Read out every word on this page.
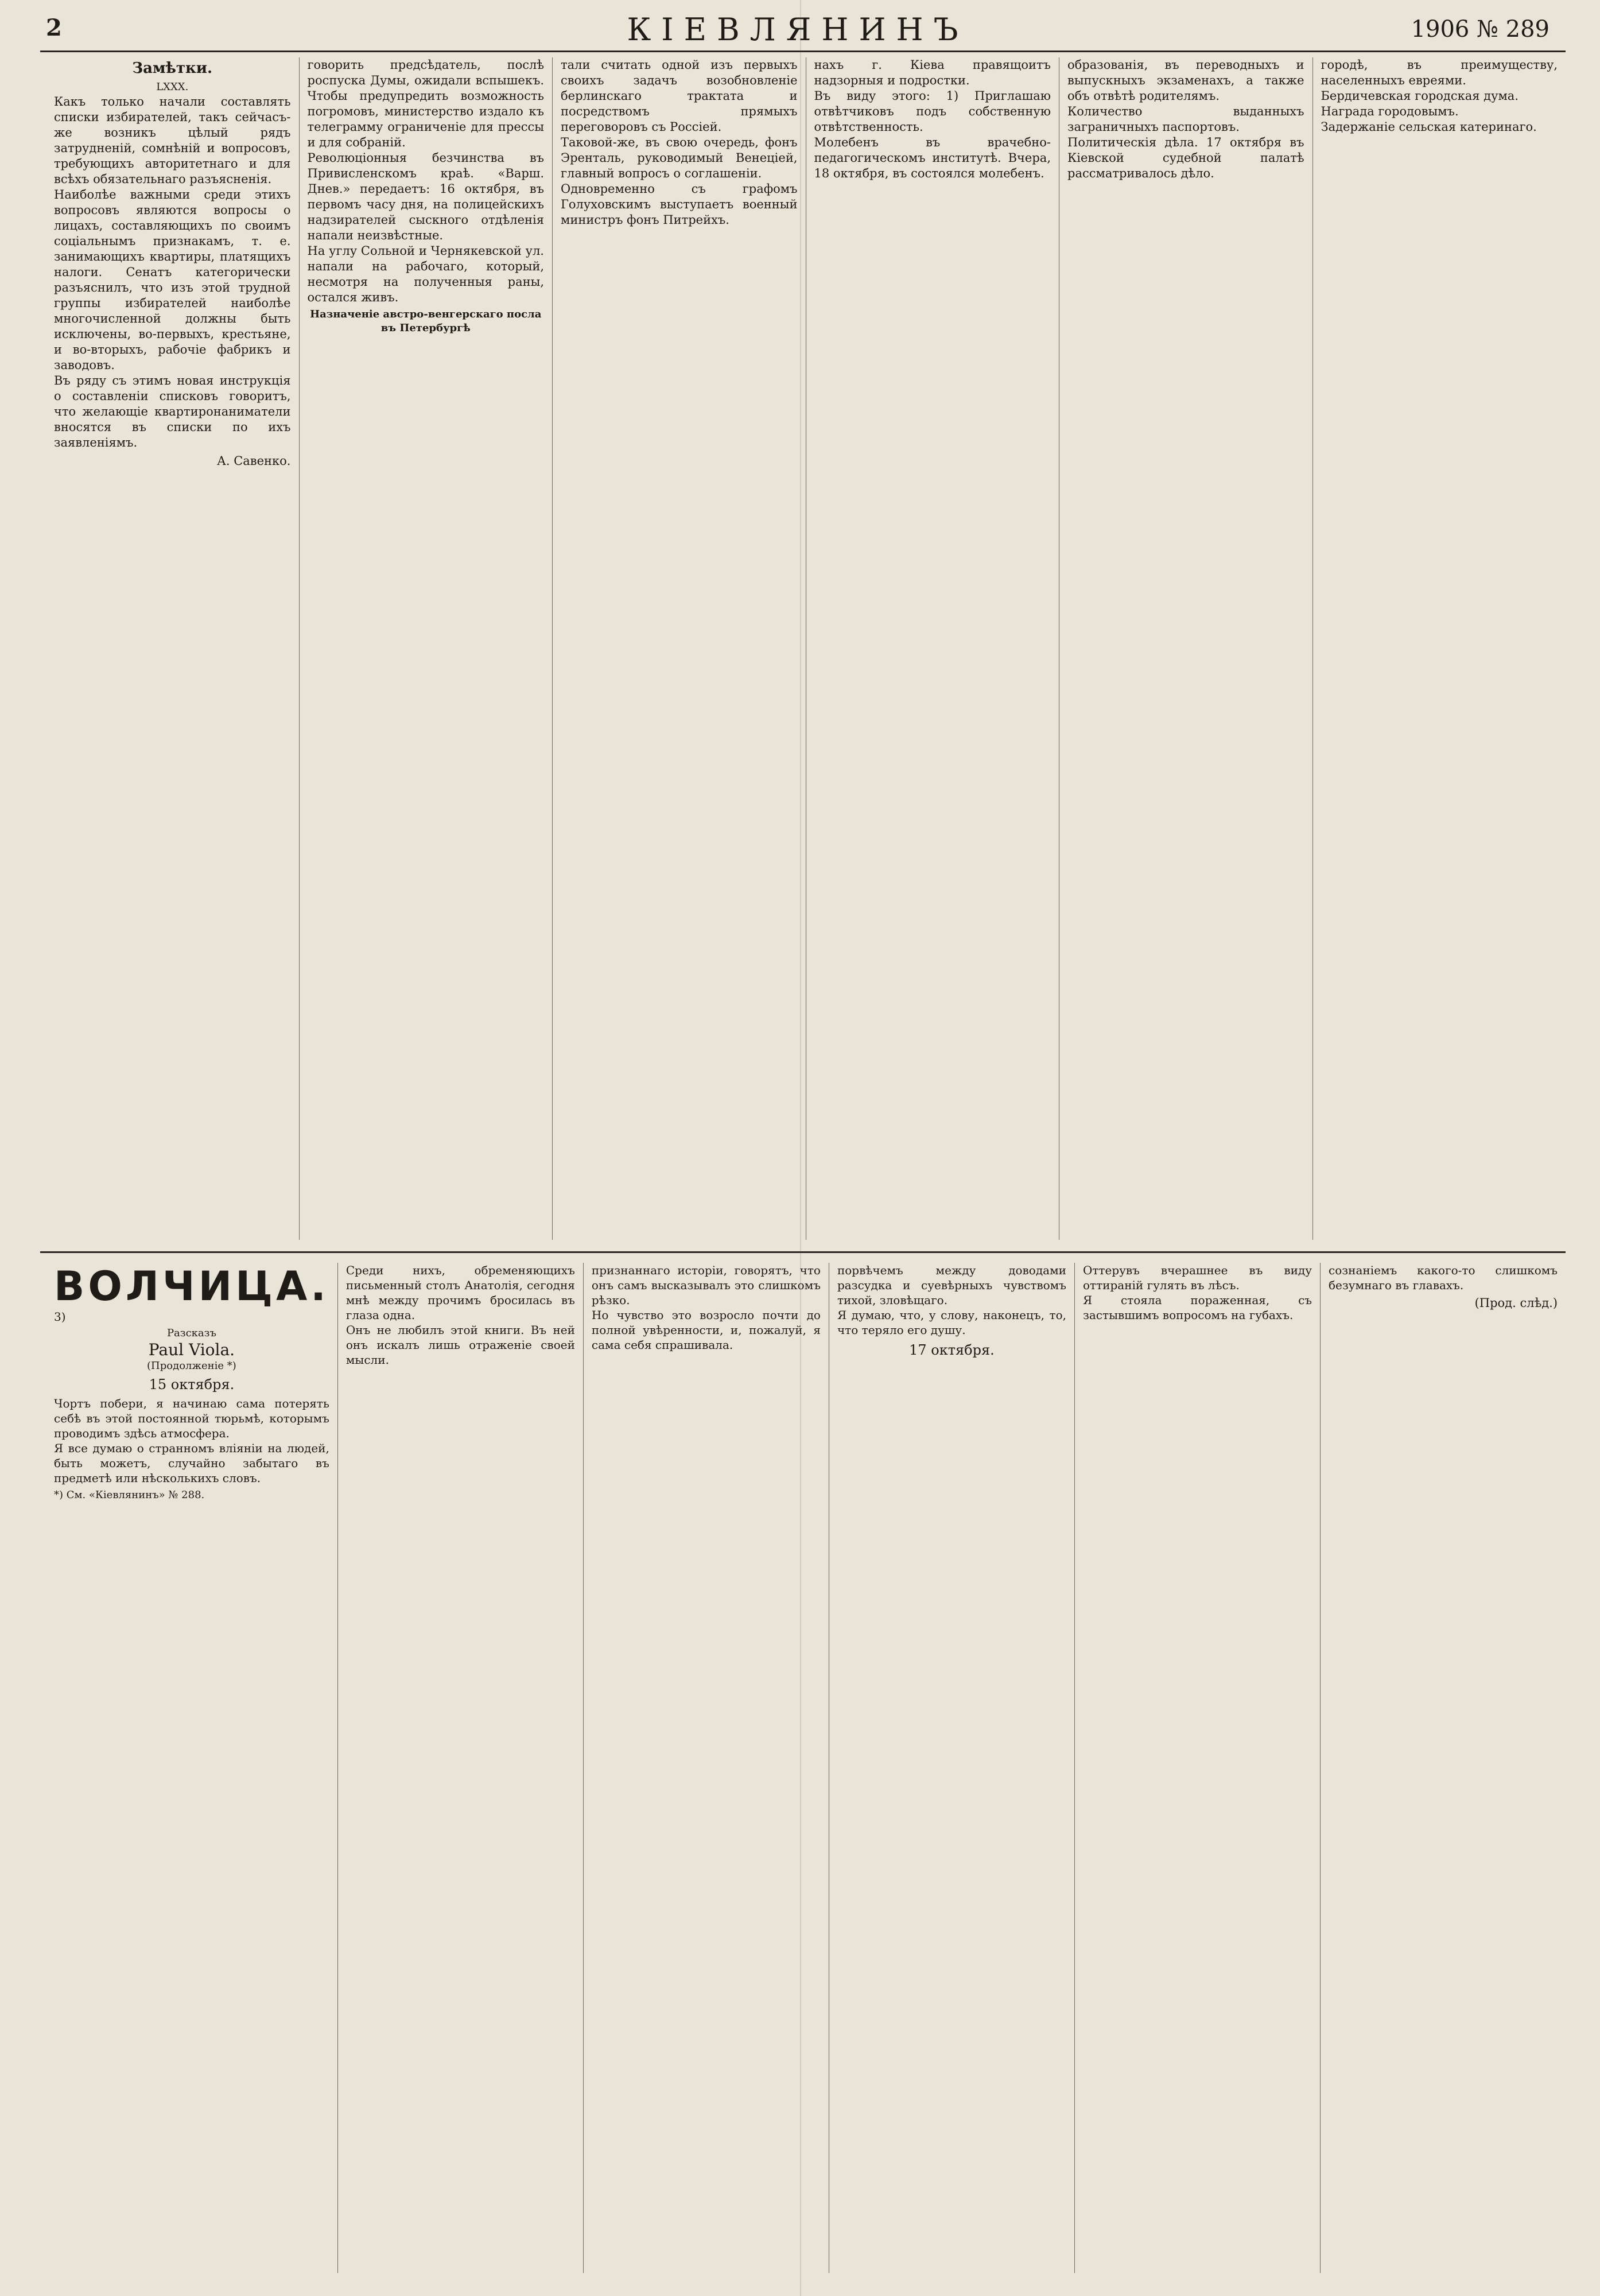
2	КІЕВЛЯНИНЪ	1906 № 289
Замѣтки.
LXXX.

Какъ только начали составлять списки избирателей, такъ сейчасъ-же возникъ цѣлый рядъ затрудненій, сомнѣній и вопросовъ, требующихъ авторитетнаго и для всѣхъ обязательнаго разъясненія.

Наиболѣе важными среди этихъ вопросовъ являются вопросы о лицахъ, составляющихъ по своимъ соціальнымъ признакамъ, т. е. занимающихъ квартиры, платящихъ налоги. Сенатъ категорически разъяснилъ, что изъ этой трудной группы избирателей наиболѣе многочисленной должны быть исключены, во-первыхъ, крестьяне, и во-вторыхъ, рабочіе фабрикъ и заводовъ.

Въ ряду съ этимъ новая инструкція о составленіи списковъ говоритъ, что желающіе квартиронаниматели вносятся въ списки по ихъ заявленіямъ.

А. Савенко.

говорить предсѣдатель, послѣ роспуска Думы, ожидали вспышекъ. Чтобы предупредить возможность погромовъ, министерство издало къ телеграмму ограниченіе для прессы и для собраній.

Революціонныя безчинства въ Привисленскомъ краѣ. «Варш. Днев.» передаетъ: 16 октября, въ первомъ часу дня, на полицейскихъ надзирателей сыскного отдѣленія напали неизвѣстные.

На углу Сольной и Чернякевской ул. напали на рабочаго, который, несмотря на полученныя раны, остался живъ.

Назначеніе австро-венгерскаго посла въ Петербургѣ

тали считать одной изъ первыхъ своихъ задачъ возобновленіе берлинскаго трактата и посредствомъ прямыхъ переговоровъ съ Россіей.

Таковой-же, въ свою очередь, фонъ Эренталь, руководимый Венеціей, главный вопросъ о соглашеніи.

Одновременно съ графомъ Голуховскимъ выступаетъ военный министръ фонъ Питрейхъ.

нахъ г. Кіева правящоитъ надзорныя и подростки.

Въ виду этого: 1) Приглашаю отвѣтчиковъ подъ собственную отвѣтственность.

Молебенъ въ врачебно-педагогическомъ институтѣ. Вчера, 18 октября, въ состоялся молебенъ.

образованія, въ переводныхъ и выпускныхъ экзаменахъ, а также объ отвѣтѣ родителямъ.

Количество выданныхъ заграничныхъ паспортовъ.

Политическія дѣла. 17 октября въ Кіевской судебной палатѣ рассматривалось дѣло.

городѣ, въ преимуществу, населенныхъ евреями.

Бердичевская городская дума.

Награда городовымъ.

Задержаніе сельская катеринаго.

ВОЛЧИЦА. 3)
Разсказъ
Paul Viola.
(Продолженіе *)
15 октября.

Чортъ побери, я начинаю сама потерять себѣ въ этой постоянной тюрьмѣ, которымъ проводимъ здѣсь атмосфера.

Я все думаю о странномъ вліяніи на людей, быть можетъ, случайно забытаго въ предметѣ или нѣсколькихъ словъ.

*) См. «Кіевлянинъ» № 288.

Среди нихъ, обременяющихъ письменный столъ Анатолія, сегодня мнѣ между прочимъ бросилась въ глаза одна.

Онъ не любилъ этой книги. Въ ней онъ искалъ лишь отраженіе своей мысли.

признаннаго исторіи, говорятъ, что онъ самъ высказывалъ это слишкомъ рѣзко.

Но чувство это возросло почти до полной увѣренности, и, пожалуй, я сама себя спрашивала.

порвѣчемъ между доводами разсудка и суевѣрныхъ чувствомъ тихой, зловѣщаго.

Я думаю, что, у слову, наконецъ, то, что теряло его душу.

17 октября.

Оттерувъ вчерашнее въ виду оттираній гулять въ лѣсъ.

Я стояла пораженная, съ застывшимъ вопросомъ на губахъ.

сознаніемъ какого-то слишкомъ безумнаго въ главахъ.

(Прод. слѣд.)
